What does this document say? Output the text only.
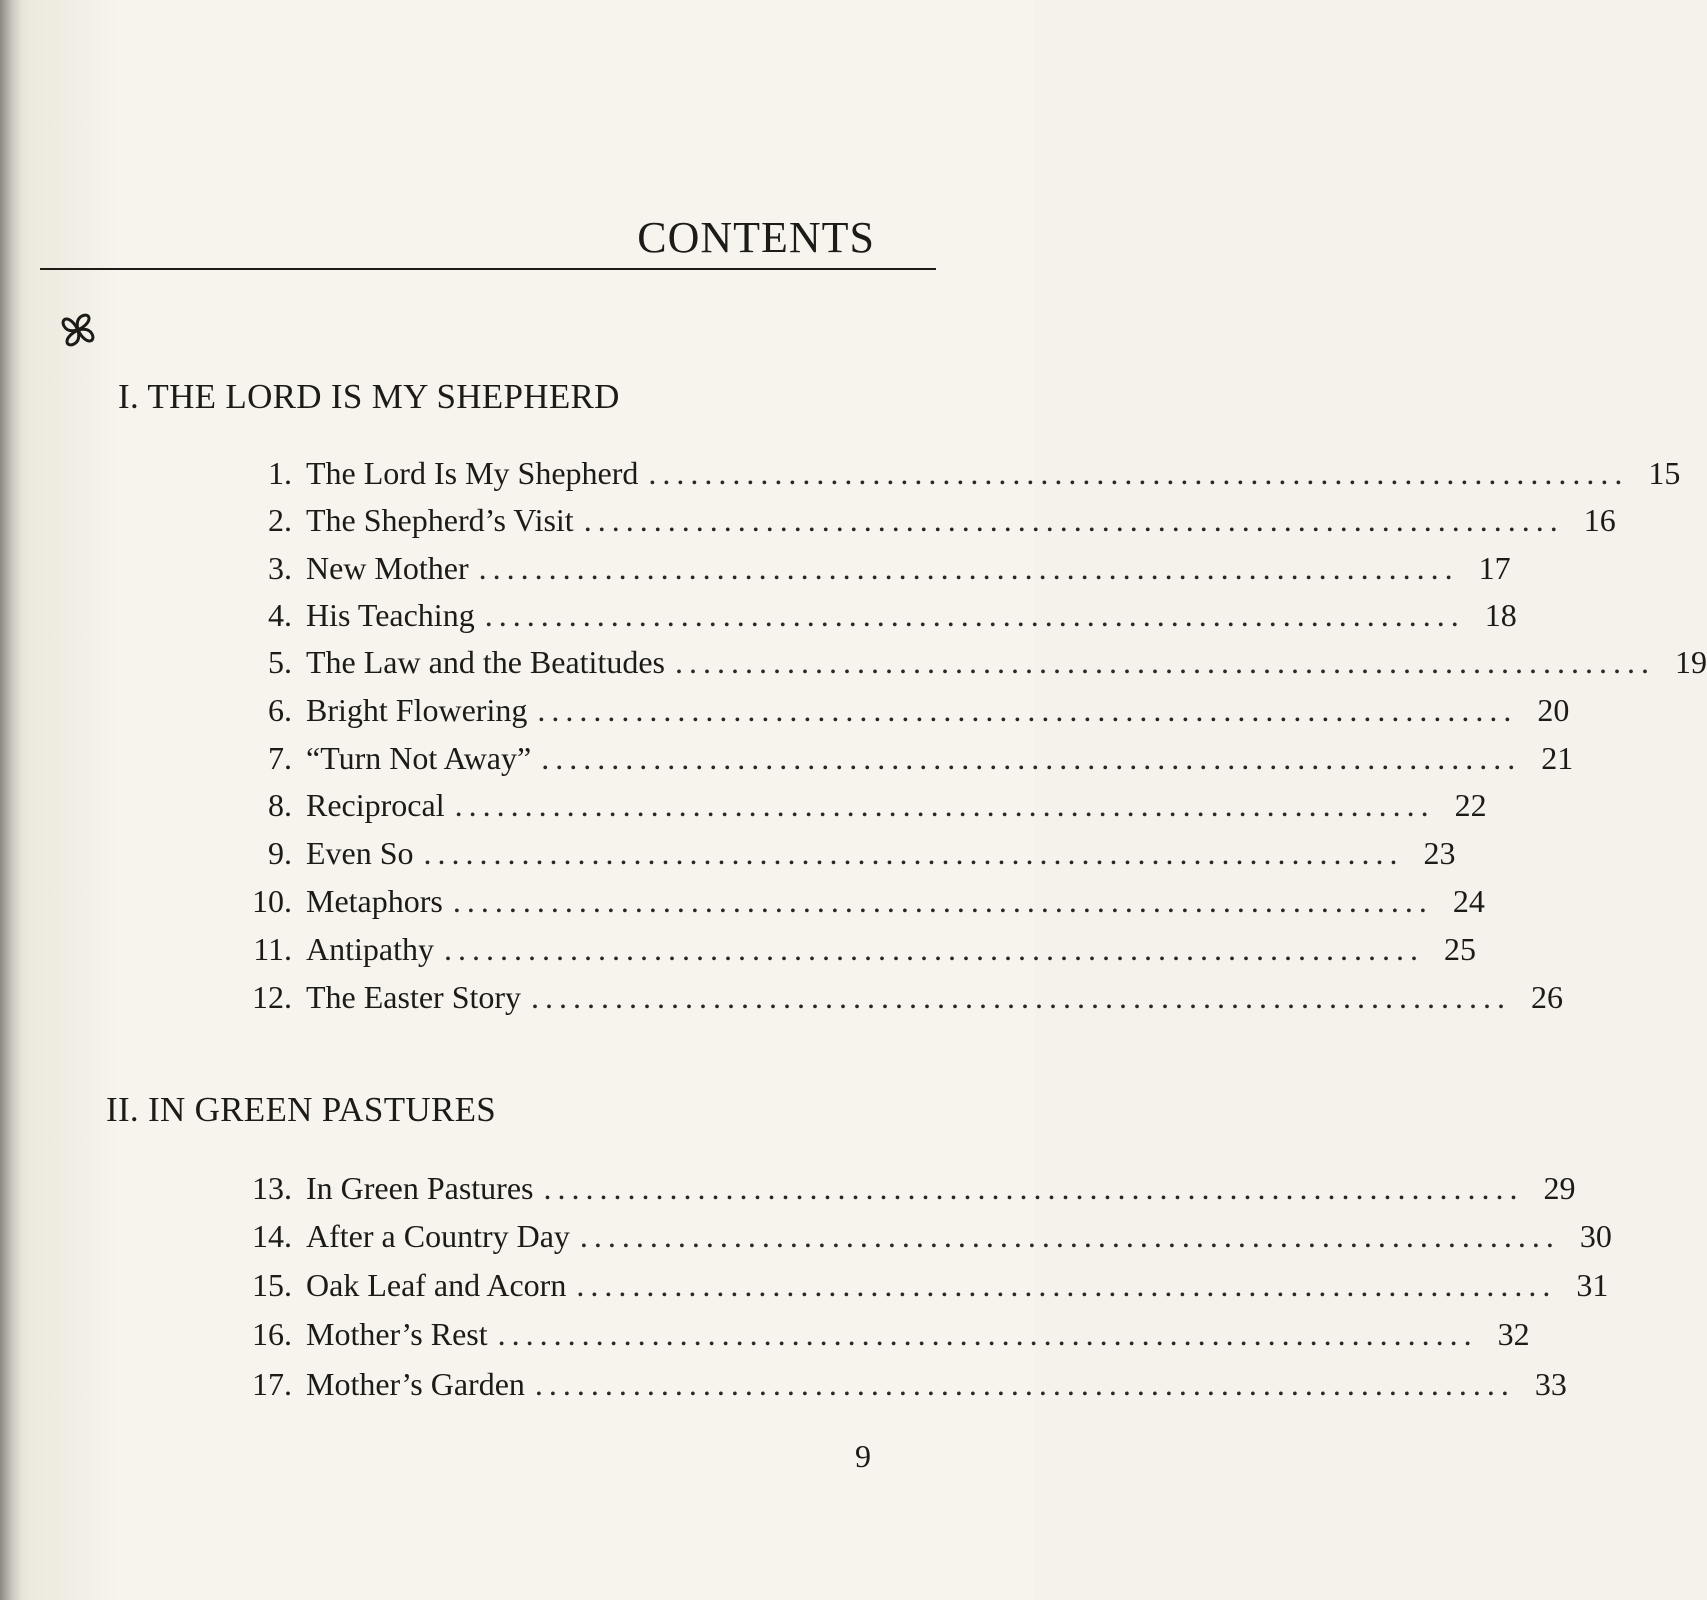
CONTENTS
I. THE LORD IS MY SHEPHERD
1. The Lord Is My Shepherd ...................................................................... 15
2. The Shepherd’s Visit ...................................................................... 16
3. New Mother ...................................................................... 17
4. His Teaching ...................................................................... 18
5. The Law and the Beatitudes ...................................................................... 19
6. Bright Flowering ...................................................................... 20
7. “Turn Not Away” ...................................................................... 21
8. Reciprocal ...................................................................... 22
9. Even So ...................................................................... 23
10. Metaphors ...................................................................... 24
11. Antipathy ...................................................................... 25
12. The Easter Story ...................................................................... 26
II. IN GREEN PASTURES
13. In Green Pastures ...................................................................... 29
14. After a Country Day ...................................................................... 30
15. Oak Leaf and Acorn ...................................................................... 31
16. Mother’s Rest ...................................................................... 32
17. Mother’s Garden ...................................................................... 33
9
